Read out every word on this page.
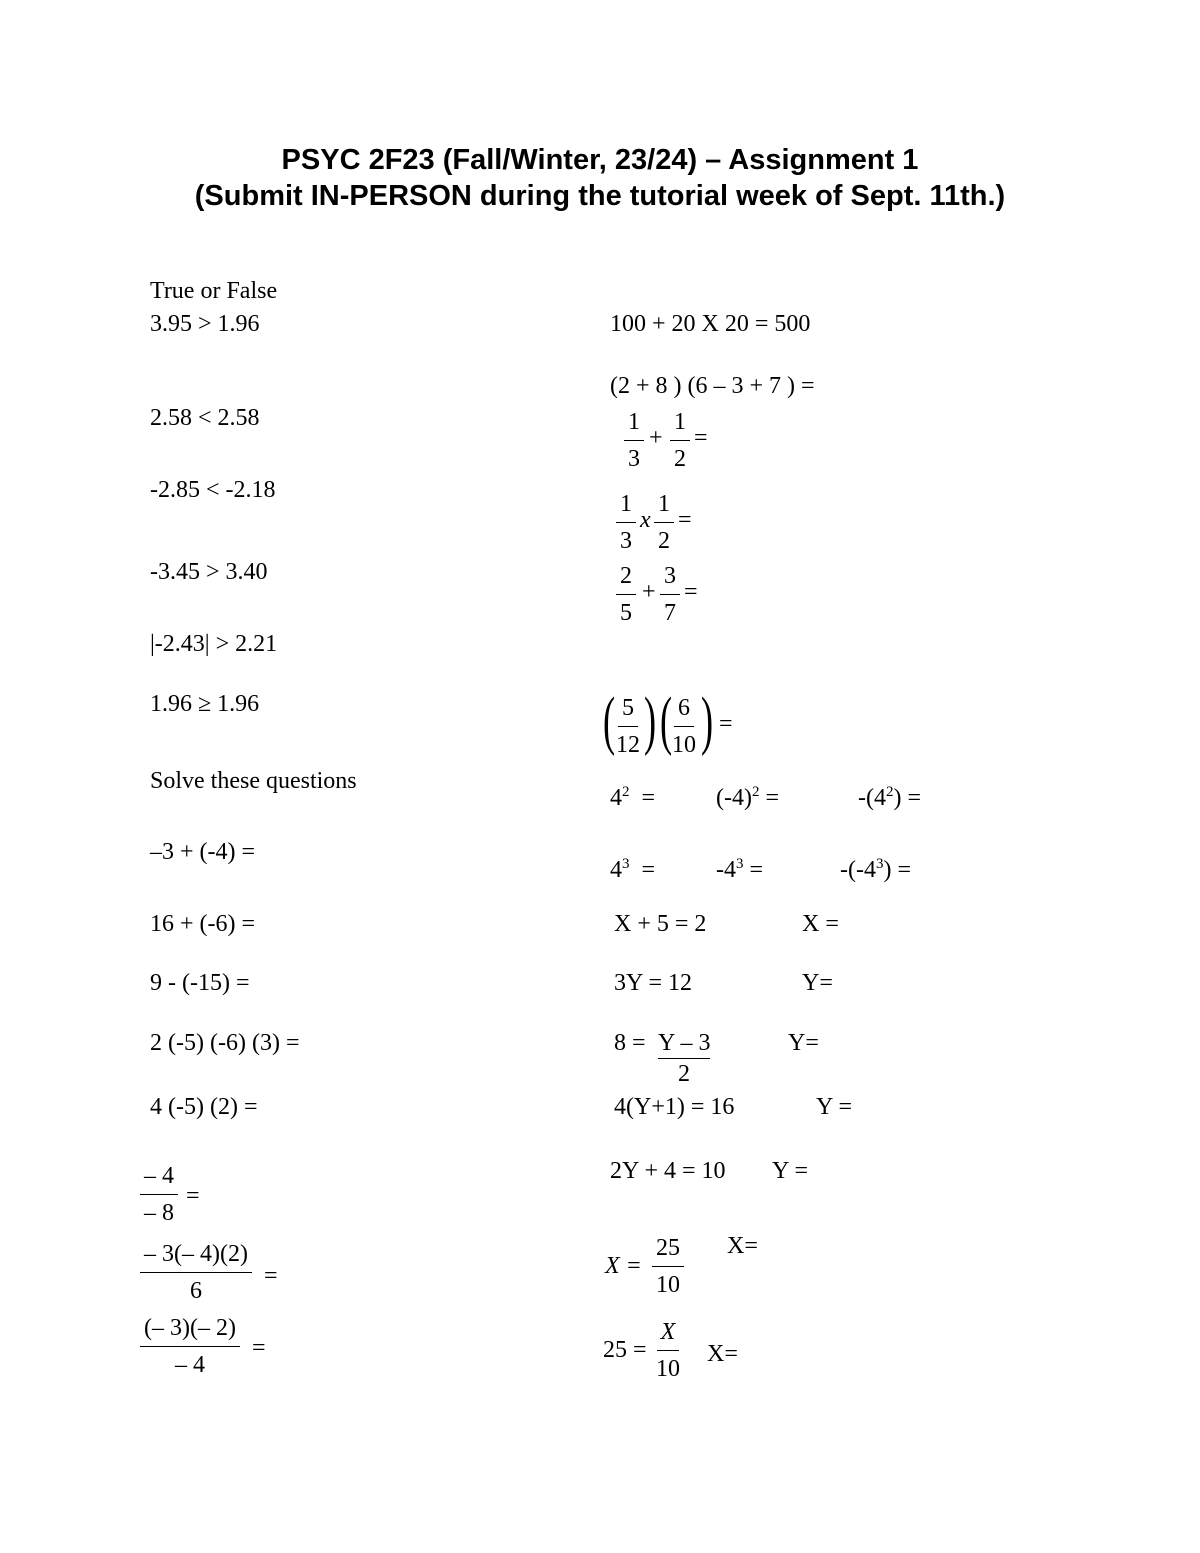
PSYC 2F23 (Fall/Winter, 23/24) – Assignment 1
(Submit IN-PERSON during the tutorial week of Sept. 11th.)
True or False
3.95 > 1.96
2.58 < 2.58
-2.85 < -2.18
-3.45 > 3.40
|-2.43| > 2.21
1.96 ≥ 1.96
Solve these questions
–3 + (-4) =
16 + (-6) =
9 - (-15) =
2 (-5) (-6) (3) =
4 (-5) (2) =
$\frac{- 4}{- 8}$ =
$\frac{- 3(- 4)(2)}{6}$ =
$\frac{(- 3)(- 2)}{- 4}$ =
100 + 20 X 20 = 500
(2 + 8 ) (6 – 3 + 7 ) =
$\frac{1}{3} + \frac{1}{2}$ =
$\frac{1}{3}$ x $\frac{1}{2}$ =
$\frac{2}{5} + \frac{3}{7}$ =
(
$\frac{5}{12}$ ) (
$\frac{6}{10}$ ) =
$4^2$ =	$(-4)^2$ =	$-(4^2)$ =
$4^3$ =	$-4^3$ =	$-(-4^3)$ =
X + 5 = 2	X =
3Y = 12	Y=
8 = Y – 3
2
Y=
4(Y+1) = 16	Y =
2Y + 4 = 10 Y =
$X = \frac{25}{10} X=$
$25 = \frac{X}{10} X=$
